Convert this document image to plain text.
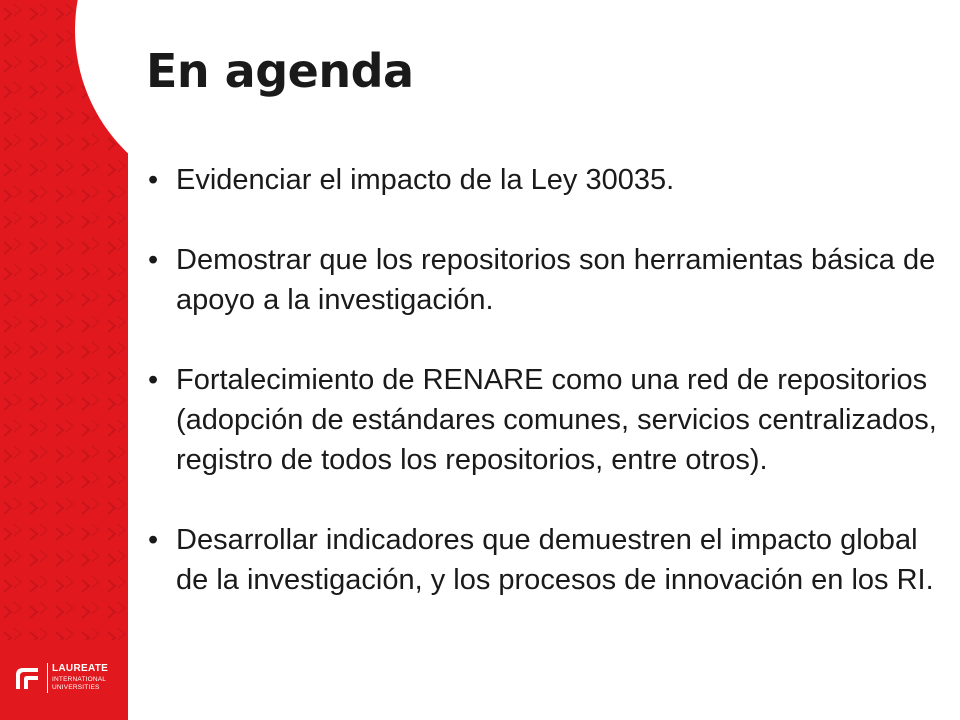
En agenda
• Evidenciar el impacto de la Ley 30035.
• Demostrar que los repositorios son herramientas básica de apoyo a la investigación.
• Fortalecimiento de RENARE como una red de repositorios (adopción de estándares comunes, servicios centralizados, registro de todos los repositorios, entre otros).
• Desarrollar indicadores que demuestren el impacto global de la investigación, y los procesos de innovación en los RI.
LAUREATE
INTERNATIONAL
UNIVERSITIES
